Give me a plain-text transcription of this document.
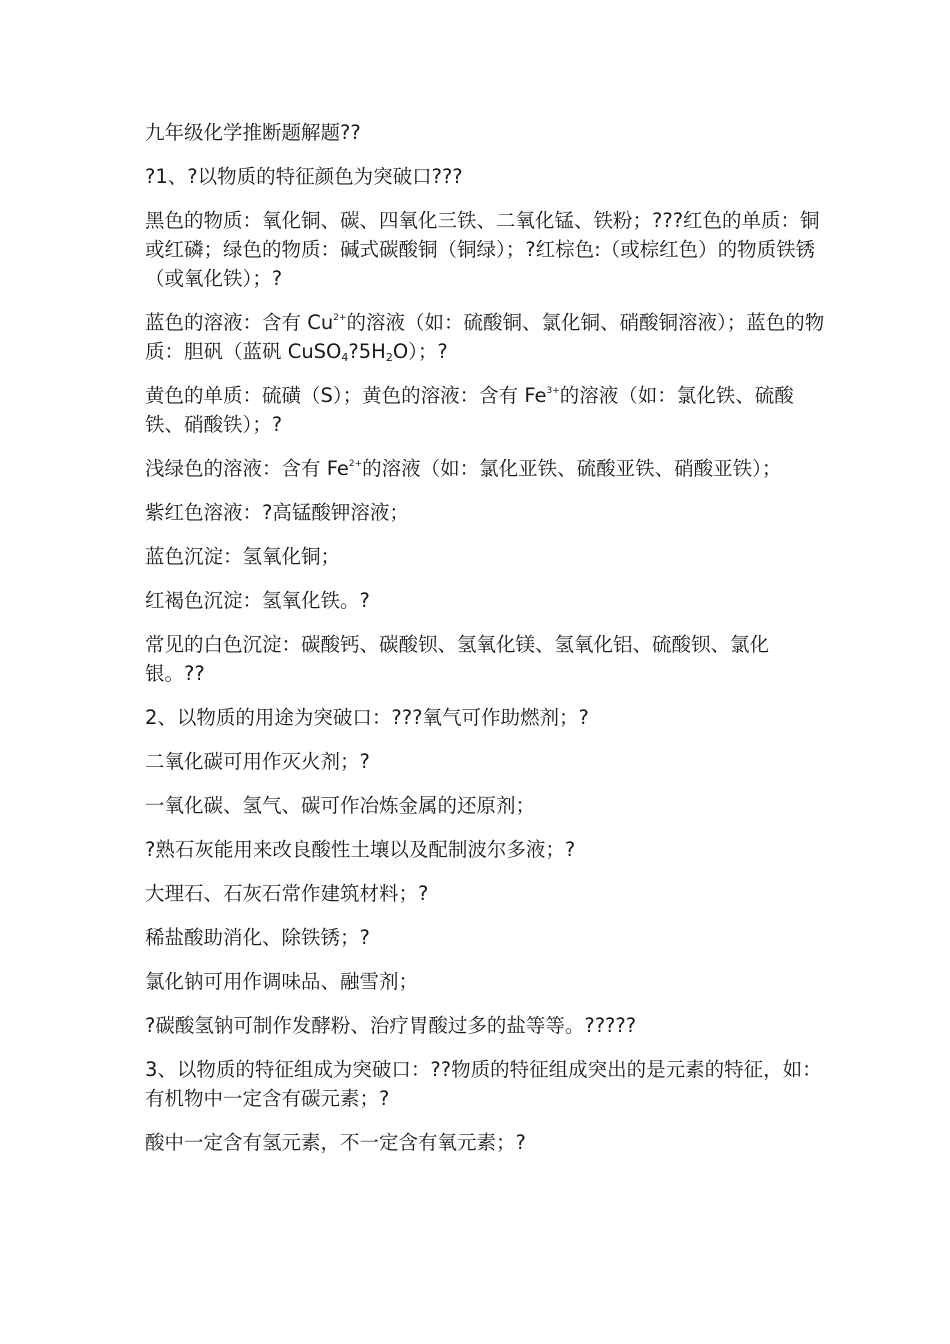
九年级化学推断题解题??

?1、?以物质的特征颜色为突破口???

黑色的物质：氧化铜、碳、四氧化三铁、二氧化锰、铁粉；???红色的单质：铜或红磷；绿色的物质：碱式碳酸铜（铜绿）；?红棕色:（或棕红色）的物质铁锈（或氧化铁）；?

蓝色的溶液：含有 $Cu^{2+}$的溶液（如：硫酸铜、氯化铜、硝酸铜溶液）；蓝色的物质：胆矾（蓝矾 $CuSO_4?5H_2O$）；?

黄色的单质：硫磺（S）；黄色的溶液：含有 $Fe^{3+}$的溶液（如：氯化铁、硫酸铁、硝酸铁）；?

浅绿色的溶液：含有 $Fe^{2+}$的溶液（如：氯化亚铁、硫酸亚铁、硝酸亚铁）；

紫红色溶液：?高锰酸钾溶液；

蓝色沉淀：氢氧化铜；

红褐色沉淀：氢氧化铁。?

常见的白色沉淀：碳酸钙、碳酸钡、氢氧化镁、氢氧化铝、硫酸钡、氯化银。??

2、以物质的用途为突破口：???氧气可作助燃剂；?

二氧化碳可用作灭火剂；?

一氧化碳、氢气、碳可作冶炼金属的还原剂；

?熟石灰能用来改良酸性土壤以及配制波尔多液；?

大理石、石灰石常作建筑材料；?

稀盐酸助消化、除铁锈；?

氯化钠可用作调味品、融雪剂；

?碳酸氢钠可制作发酵粉、治疗胃酸过多的盐等等。?????

3、以物质的特征组成为突破口：??物质的特征组成突出的是元素的特征，如：有机物中一定含有碳元素；?

酸中一定含有氢元素，不一定含有氧元素；?
